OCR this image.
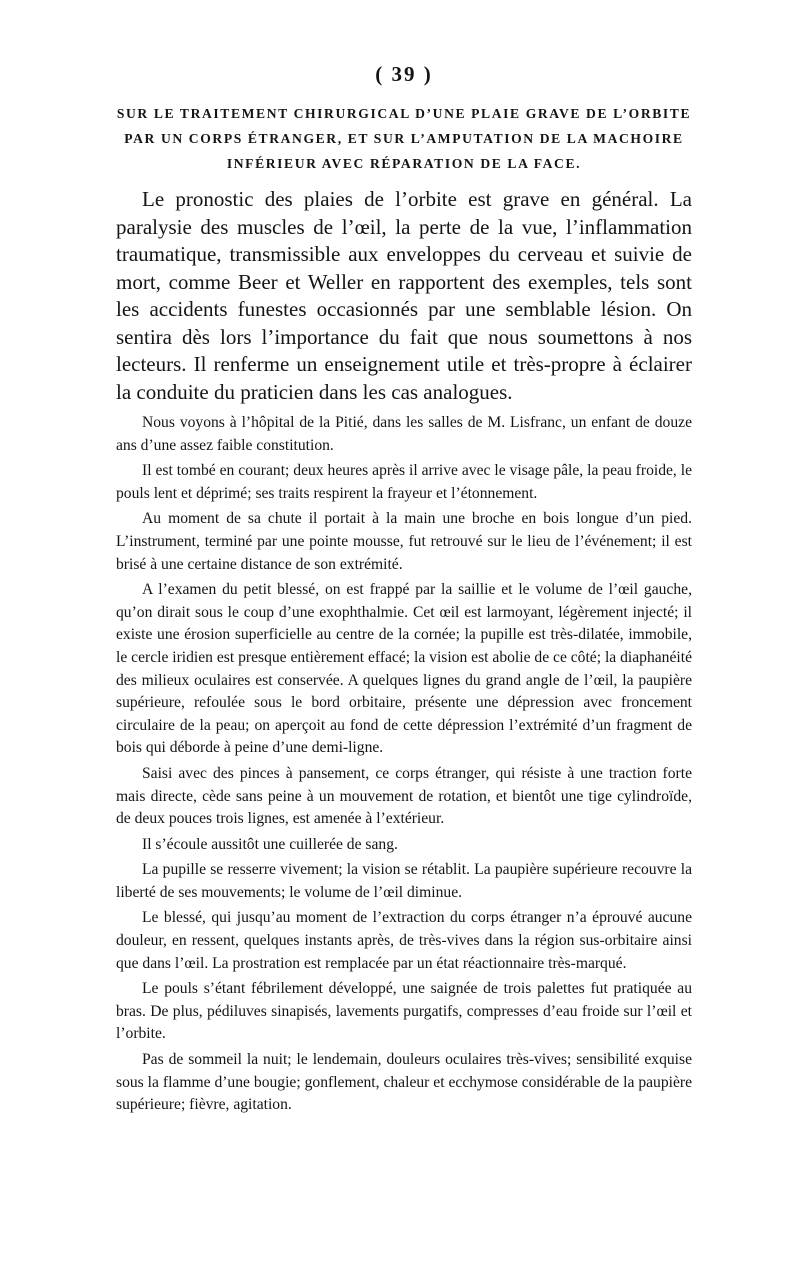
( 39 )
SUR LE TRAITEMENT CHIRURGICAL D’UNE PLAIE GRAVE DE L’ORBITE PAR UN CORPS ÉTRANGER, ET SUR L’AMPUTATION DE LA MACHOIRE INFÉRIEUR AVEC RÉPARATION DE LA FACE.

Le pronostic des plaies de l’orbite est grave en général. La paralysie des muscles de l’œil, la perte de la vue, l’inflammation traumatique, transmissible aux enveloppes du cerveau et suivie de mort, comme Beer et Weller en rapportent des exemples, tels sont les accidents funestes occasionnés par une semblable lésion. On sentira dès lors l’importance du fait que nous soumettons à nos lecteurs. Il renferme un enseignement utile et très-propre à éclairer la conduite du praticien dans les cas analogues.

Nous voyons à l’hôpital de la Pitié, dans les salles de M. Lisfranc, un enfant de douze ans d’une assez faible constitution.

Il est tombé en courant; deux heures après il arrive avec le visage pâle, la peau froide, le pouls lent et déprimé; ses traits respirent la frayeur et l’étonnement.

Au moment de sa chute il portait à la main une broche en bois longue d’un pied. L’instrument, terminé par une pointe mousse, fut retrouvé sur le lieu de l’événement; il est brisé à une certaine distance de son extrémité.

A l’examen du petit blessé, on est frappé par la saillie et le volume de l’œil gauche, qu’on dirait sous le coup d’une exophthalmie. Cet œil est larmoyant, légèrement injecté; il existe une érosion superficielle au centre de la cornée; la pupille est très-dilatée, immobile, le cercle iridien est presque entièrement effacé; la vision est abolie de ce côté; la diaphanéité des milieux oculaires est conservée. A quelques lignes du grand angle de l’œil, la paupière supérieure, refoulée sous le bord orbitaire, présente une dépression avec froncement circulaire de la peau; on aperçoit au fond de cette dépression l’extrémité d’un fragment de bois qui déborde à peine d’une demi-ligne.

Saisi avec des pinces à pansement, ce corps étranger, qui résiste à une traction forte mais directe, cède sans peine à un mouvement de rotation, et bientôt une tige cylindroïde, de deux pouces trois lignes, est amenée à l’extérieur.

Il s’écoule aussitôt une cuillerée de sang.

La pupille se resserre vivement; la vision se rétablit. La paupière supérieure recouvre la liberté de ses mouvements; le volume de l’œil diminue.

Le blessé, qui jusqu’au moment de l’extraction du corps étranger n’a éprouvé aucune douleur, en ressent, quelques instants après, de très-vives dans la région sus-orbitaire ainsi que dans l’œil. La prostration est remplacée par un état réactionnaire très-marqué.

Le pouls s’étant fébrilement développé, une saignée de trois palettes fut pratiquée au bras. De plus, pédiluves sinapisés, lavements purgatifs, compresses d’eau froide sur l’œil et l’orbite.

Pas de sommeil la nuit; le lendemain, douleurs oculaires très-vives; sensibilité exquise sous la flamme d’une bougie; gonflement, chaleur et ecchymose considérable de la paupière supérieure; fièvre, agitation.
